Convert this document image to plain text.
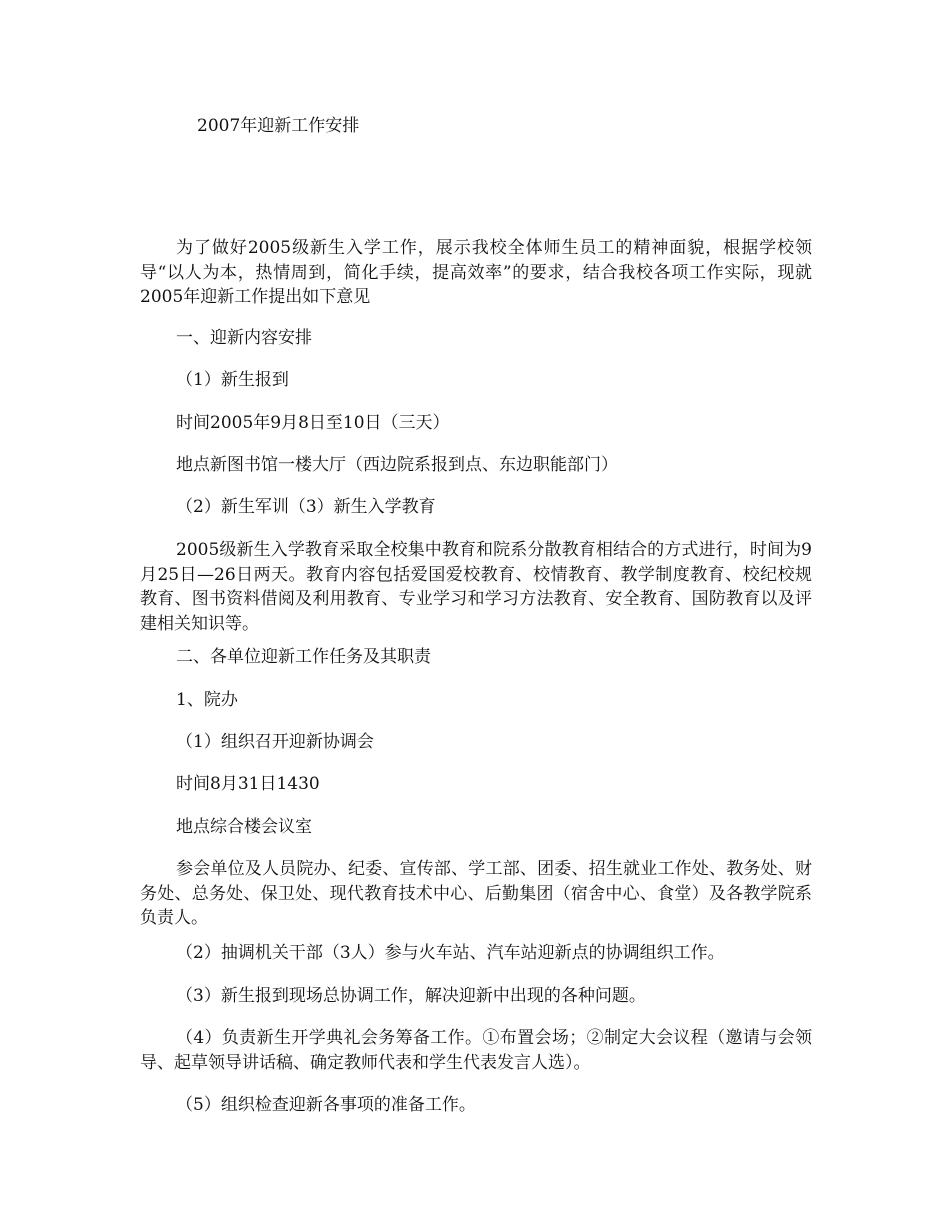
2007年迎新工作安排

为了做好2005级新生入学工作，展示我校全体师生员工的精神面貌，根据学校领导“以人为本，热情周到，简化手续，提高效率”的要求，结合我校各项工作实际，现就2005年迎新工作提出如下意见

一、迎新内容安排

（1）新生报到

时间2005年9月8日至10日（三天）

地点新图书馆一楼大厅（西边院系报到点、东边职能部门）

（2）新生军训（3）新生入学教育

2005级新生入学教育采取全校集中教育和院系分散教育相结合的方式进行，时间为9月25日—26日两天。教育内容包括爱国爱校教育、校情教育、教学制度教育、校纪校规教育、图书资料借阅及利用教育、专业学习和学习方法教育、安全教育、国防教育以及评建相关知识等。

二、各单位迎新工作任务及其职责

1、院办

（1）组织召开迎新协调会

时间8月31日1430

地点综合楼会议室

参会单位及人员院办、纪委、宣传部、学工部、团委、招生就业工作处、教务处、财务处、总务处、保卫处、现代教育技术中心、后勤集团（宿舍中心、食堂）及各教学院系负责人。

（2）抽调机关干部（3人）参与火车站、汽车站迎新点的协调组织工作。

（3）新生报到现场总协调工作，解决迎新中出现的各种问题。

（4）负责新生开学典礼会务筹备工作。①布置会场；②制定大会议程（邀请与会领导、起草领导讲话稿、确定教师代表和学生代表发言人选）。

（5）组织检查迎新各事项的准备工作。
